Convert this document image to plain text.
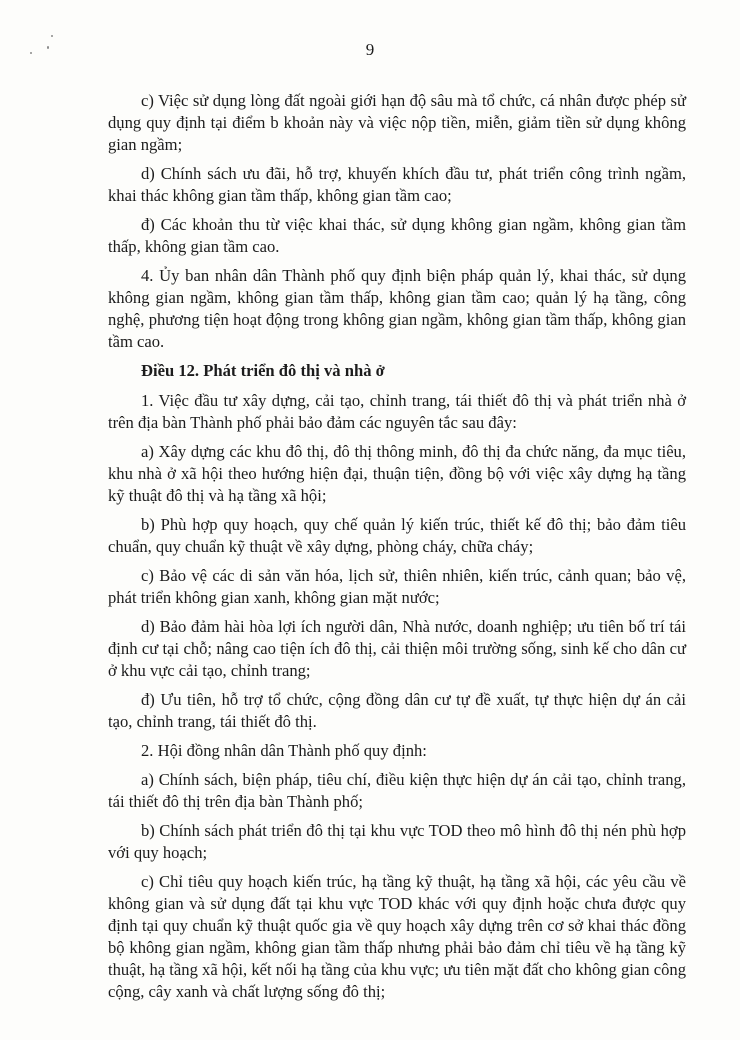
9

c) Việc sử dụng lòng đất ngoài giới hạn độ sâu mà tổ chức, cá nhân được phép sử dụng quy định tại điểm b khoản này và việc nộp tiền, miễn, giảm tiền sử dụng không gian ngầm;

d) Chính sách ưu đãi, hỗ trợ, khuyến khích đầu tư, phát triển công trình ngầm, khai thác không gian tầm thấp, không gian tầm cao;

đ) Các khoản thu từ việc khai thác, sử dụng không gian ngầm, không gian tầm thấp, không gian tầm cao.

4. Ủy ban nhân dân Thành phố quy định biện pháp quản lý, khai thác, sử dụng không gian ngầm, không gian tầm thấp, không gian tầm cao; quản lý hạ tầng, công nghệ, phương tiện hoạt động trong không gian ngầm, không gian tầm thấp, không gian tầm cao.

Điều 12. Phát triển đô thị và nhà ở

1. Việc đầu tư xây dựng, cải tạo, chỉnh trang, tái thiết đô thị và phát triển nhà ở trên địa bàn Thành phố phải bảo đảm các nguyên tắc sau đây:

a) Xây dựng các khu đô thị, đô thị thông minh, đô thị đa chức năng, đa mục tiêu, khu nhà ở xã hội theo hướng hiện đại, thuận tiện, đồng bộ với việc xây dựng hạ tầng kỹ thuật đô thị và hạ tầng xã hội;

b) Phù hợp quy hoạch, quy chế quản lý kiến trúc, thiết kế đô thị; bảo đảm tiêu chuẩn, quy chuẩn kỹ thuật về xây dựng, phòng cháy, chữa cháy;

c) Bảo vệ các di sản văn hóa, lịch sử, thiên nhiên, kiến trúc, cảnh quan; bảo vệ, phát triển không gian xanh, không gian mặt nước;

d) Bảo đảm hài hòa lợi ích người dân, Nhà nước, doanh nghiệp; ưu tiên bố trí tái định cư tại chỗ; nâng cao tiện ích đô thị, cải thiện môi trường sống, sinh kế cho dân cư ở khu vực cải tạo, chỉnh trang;

đ) Ưu tiên, hỗ trợ tổ chức, cộng đồng dân cư tự đề xuất, tự thực hiện dự án cải tạo, chỉnh trang, tái thiết đô thị.

2. Hội đồng nhân dân Thành phố quy định:

a) Chính sách, biện pháp, tiêu chí, điều kiện thực hiện dự án cải tạo, chỉnh trang, tái thiết đô thị trên địa bàn Thành phố;

b) Chính sách phát triển đô thị tại khu vực TOD theo mô hình đô thị nén phù hợp với quy hoạch;

c) Chỉ tiêu quy hoạch kiến trúc, hạ tầng kỹ thuật, hạ tầng xã hội, các yêu cầu về không gian và sử dụng đất tại khu vực TOD khác với quy định hoặc chưa được quy định tại quy chuẩn kỹ thuật quốc gia về quy hoạch xây dựng trên cơ sở khai thác đồng bộ không gian ngầm, không gian tầm thấp nhưng phải bảo đảm chỉ tiêu về hạ tầng kỹ thuật, hạ tầng xã hội, kết nối hạ tầng của khu vực; ưu tiên mặt đất cho không gian công cộng, cây xanh và chất lượng sống đô thị;
